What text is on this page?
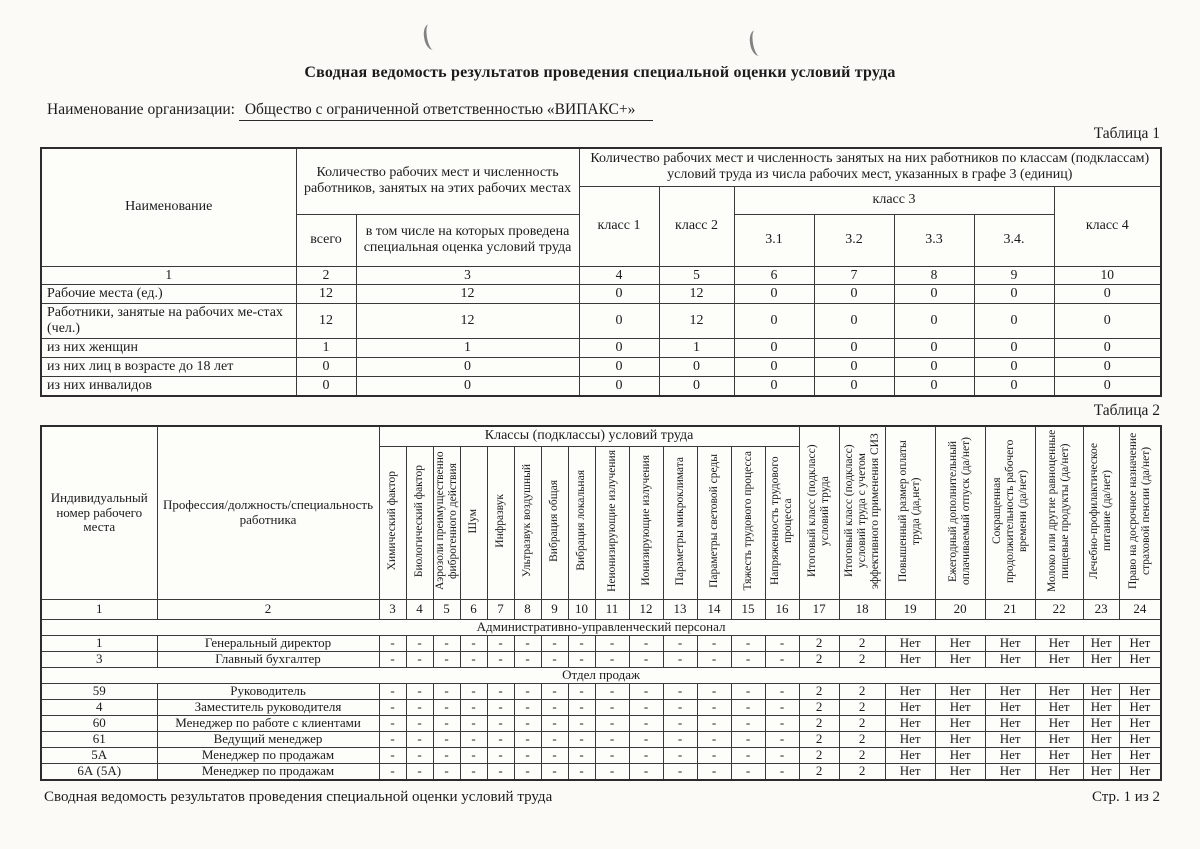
Сводная ведомость результатов проведения специальной оценки условий труда
Наименование организации: Общество с ограниченной ответственностью «ВИПАКС+»
Таблица 1
Наименование	Количество рабочих мест и численность работников, занятых на этих рабочих местах		Количество рабочих мест и численность занятых на них работников по классам (подклассам) условий труда из числа рабочих мест, указанных в графе 3 (единиц)						
			класс 1	класс 2	класс 3				класс 4
	всего	в том числе на которых проведена специальная оценка условий труда			3.1	3.2	3.3	3.4.	
1	2	3	4	5	6	7	8	9	10
Рабочие места (ед.)	12	12	0	12	0	0	0	0	0
Работники, занятые на рабочих ме-стах (чел.)	12	12	0	12	0	0	0	0	0
из них женщин	1	1	0	1	0	0	0	0	0
из них лиц в возрасте до 18 лет	0	0	0	0	0	0	0	0	0
из них инвалидов	0	0	0	0	0	0	0	0	0
Таблица 2
Индивидуальный номер рабочего места	Профессия/должность/специальность работника	Классы (подклассы) условий труда														Итоговый класс (подкласс) условий труда	Итоговый класс (подкласс) условий труда с учетом эффективного применения СИЗ	Повышенный размер оплаты труда (да,нет)	Ежегодный дополнительный оплачиваемый отпуск (да/нет)	Сокращенная продолжительность рабочего времени (да/нет)	Молоко или другие равноценные пищевые продукты (да/нет)	Лечебно-профилактическое питание (да/нет)	Право на досрочное назначение страховой пенсии (да/нет)
		Химический фактор	Биологический фактор	Аэрозоли преимущественно фиброгенного действия	Шум	Инфразвук	Ультразвук воздушный	Вибрация общая	Вибрация локальная	Неионизирующие излучения	Ионизирующие излучения	Параметры микроклимата	Параметры световой среды	Тяжесть трудового процесса	Напряженность трудового процесса								
1	2	3	4	5	6	7	8	9	10	11	12	13	14	15	16	17	18	19	20	21	22	23	24
Административно-управленческий персонал																							
1	Генеральный директор	-	-	-	-	-	-	-	-	-	-	-	-	-	-	2	2	Нет	Нет	Нет	Нет	Нет	Нет
3	Главный бухгалтер	-	-	-	-	-	-	-	-	-	-	-	-	-	-	2	2	Нет	Нет	Нет	Нет	Нет	Нет
Отдел продаж																							
59	Руководитель	-	-	-	-	-	-	-	-	-	-	-	-	-	-	2	2	Нет	Нет	Нет	Нет	Нет	Нет
4	Заместитель руководителя	-	-	-	-	-	-	-	-	-	-	-	-	-	-	2	2	Нет	Нет	Нет	Нет	Нет	Нет
60	Менеджер по работе с клиентами	-	-	-	-	-	-	-	-	-	-	-	-	-	-	2	2	Нет	Нет	Нет	Нет	Нет	Нет
61	Ведущий менеджер	-	-	-	-	-	-	-	-	-	-	-	-	-	-	2	2	Нет	Нет	Нет	Нет	Нет	Нет
5А	Менеджер по продажам	-	-	-	-	-	-	-	-	-	-	-	-	-	-	2	2	Нет	Нет	Нет	Нет	Нет	Нет
6А (5А)	Менеджер по продажам	-	-	-	-	-	-	-	-	-	-	-	-	-	-	2	2	Нет	Нет	Нет	Нет	Нет	Нет
Сводная ведомость результатов проведения специальной оценки условий труда	Стр. 1 из 2
